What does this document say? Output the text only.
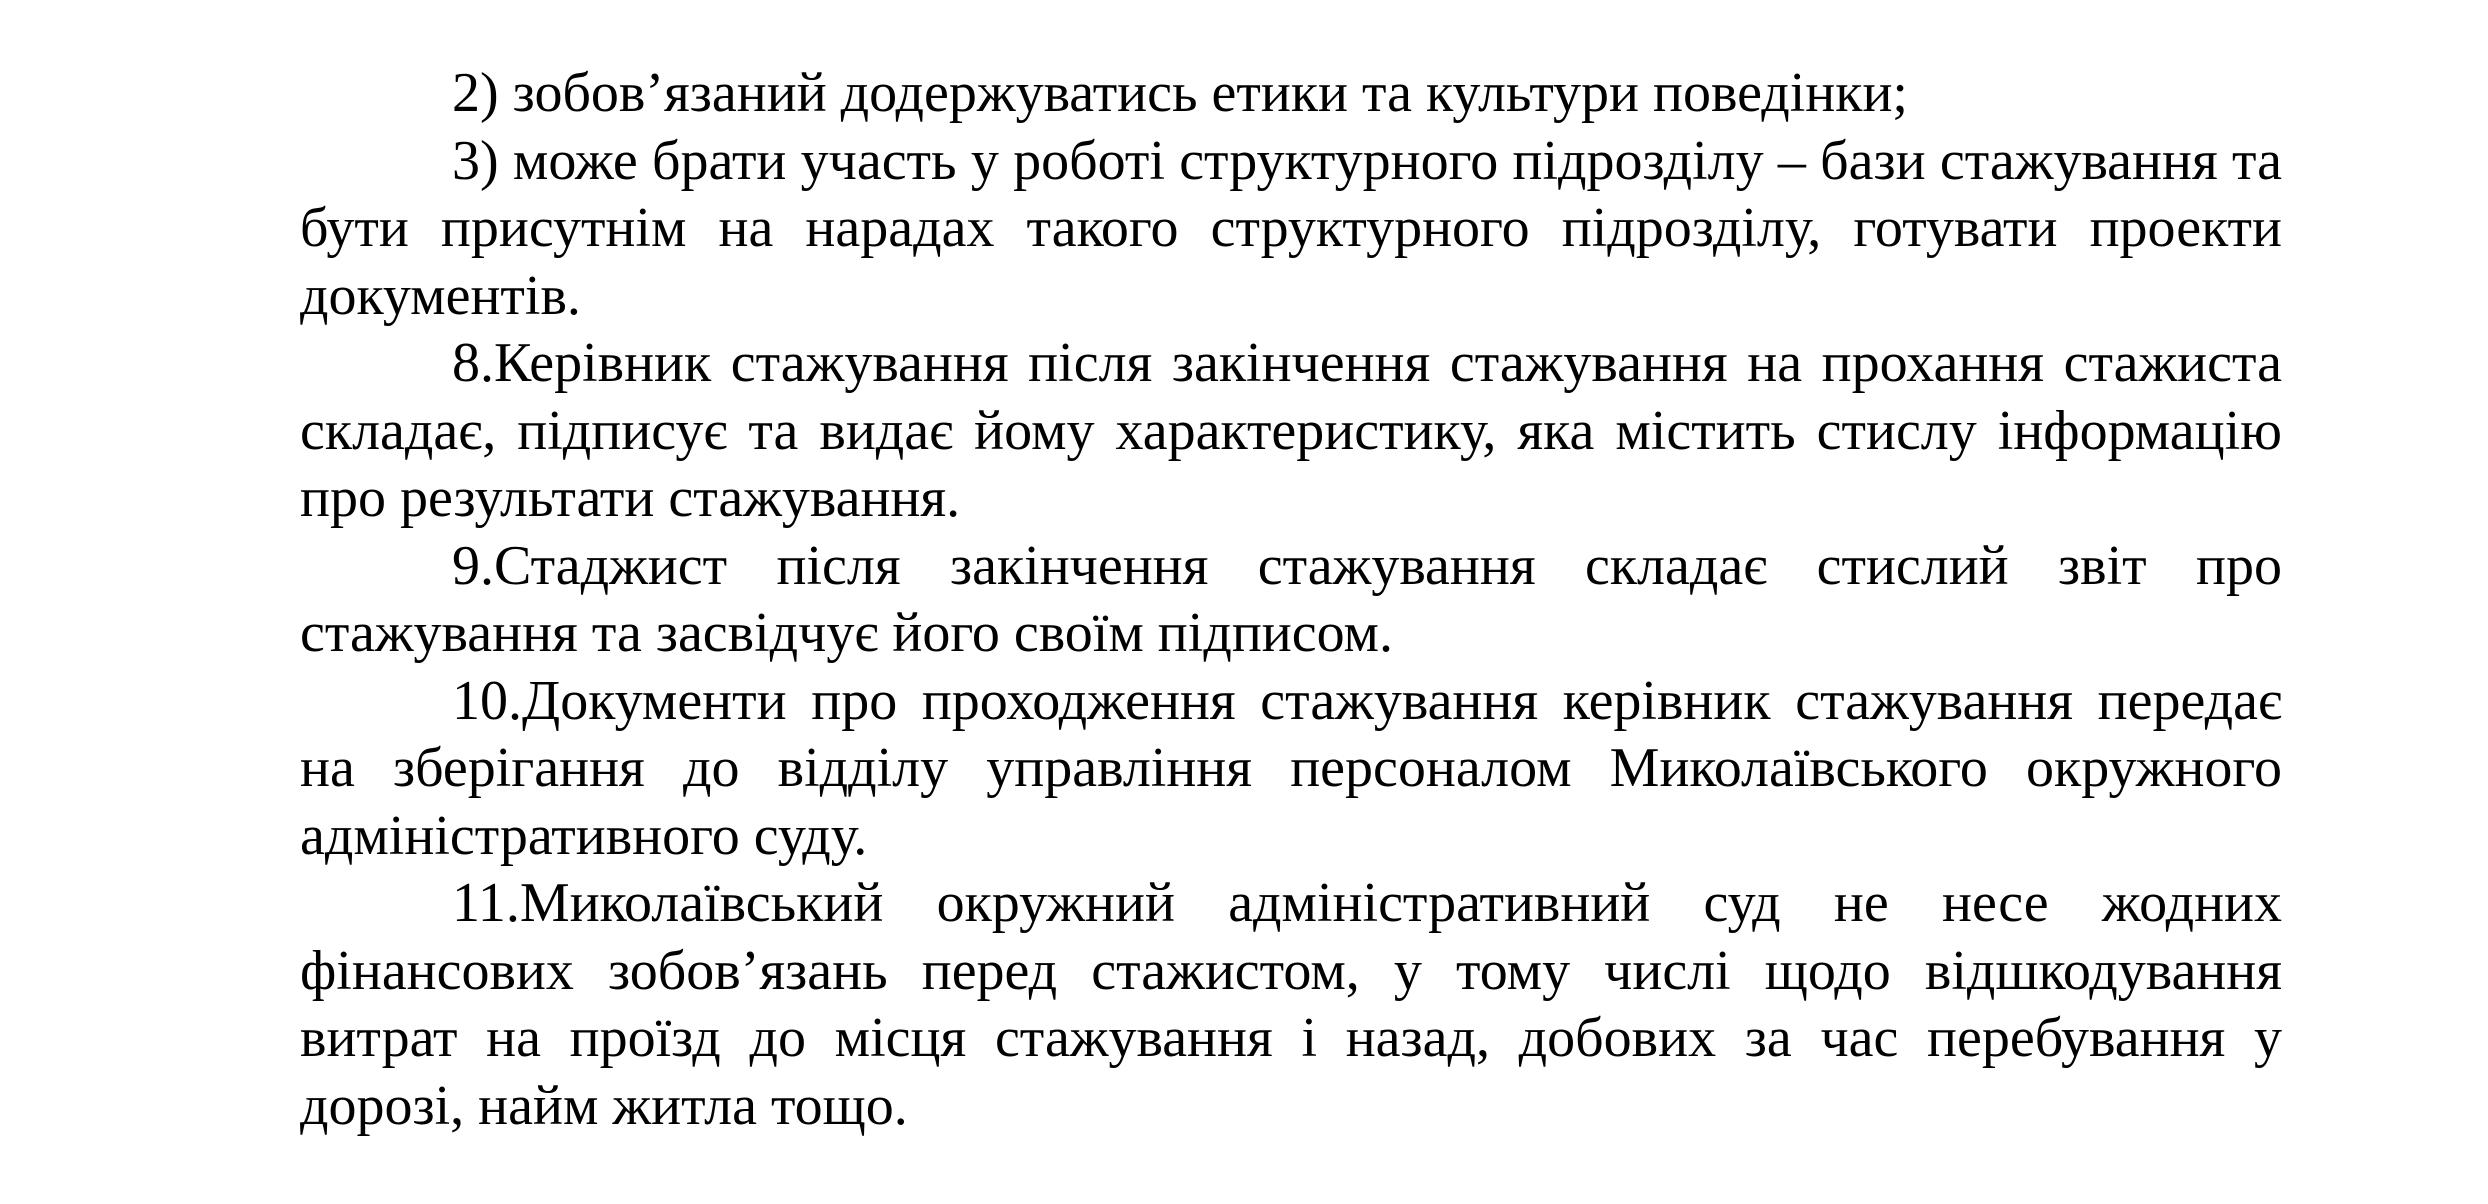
2) зобов’язаний додержуватись етики та культури поведінки;

3) може брати участь у роботі структурного підрозділу – бази стажування та бути присутнім на нарадах такого структурного підрозділу, готувати проекти документів.

8.Керівник стажування після закінчення стажування на прохання стажиста складає, підписує та видає йому характеристику, яка містить стислу інформацію про результати стажування.

9.Стаджист після закінчення стажування складає стислий звіт про стажування та засвідчує його своїм підписом.

10.Документи про проходження стажування керівник стажування передає на зберігання до відділу управління персоналом Миколаївського окружного адміністративного суду.

11.Миколаївський окружний адміністративний суд не несе жодних фінансових зобов’язань перед стажистом, у тому числі щодо відшкодування витрат на проїзд до місця стажування і назад, добових за час перебування у дорозі, найм житла тощо.
